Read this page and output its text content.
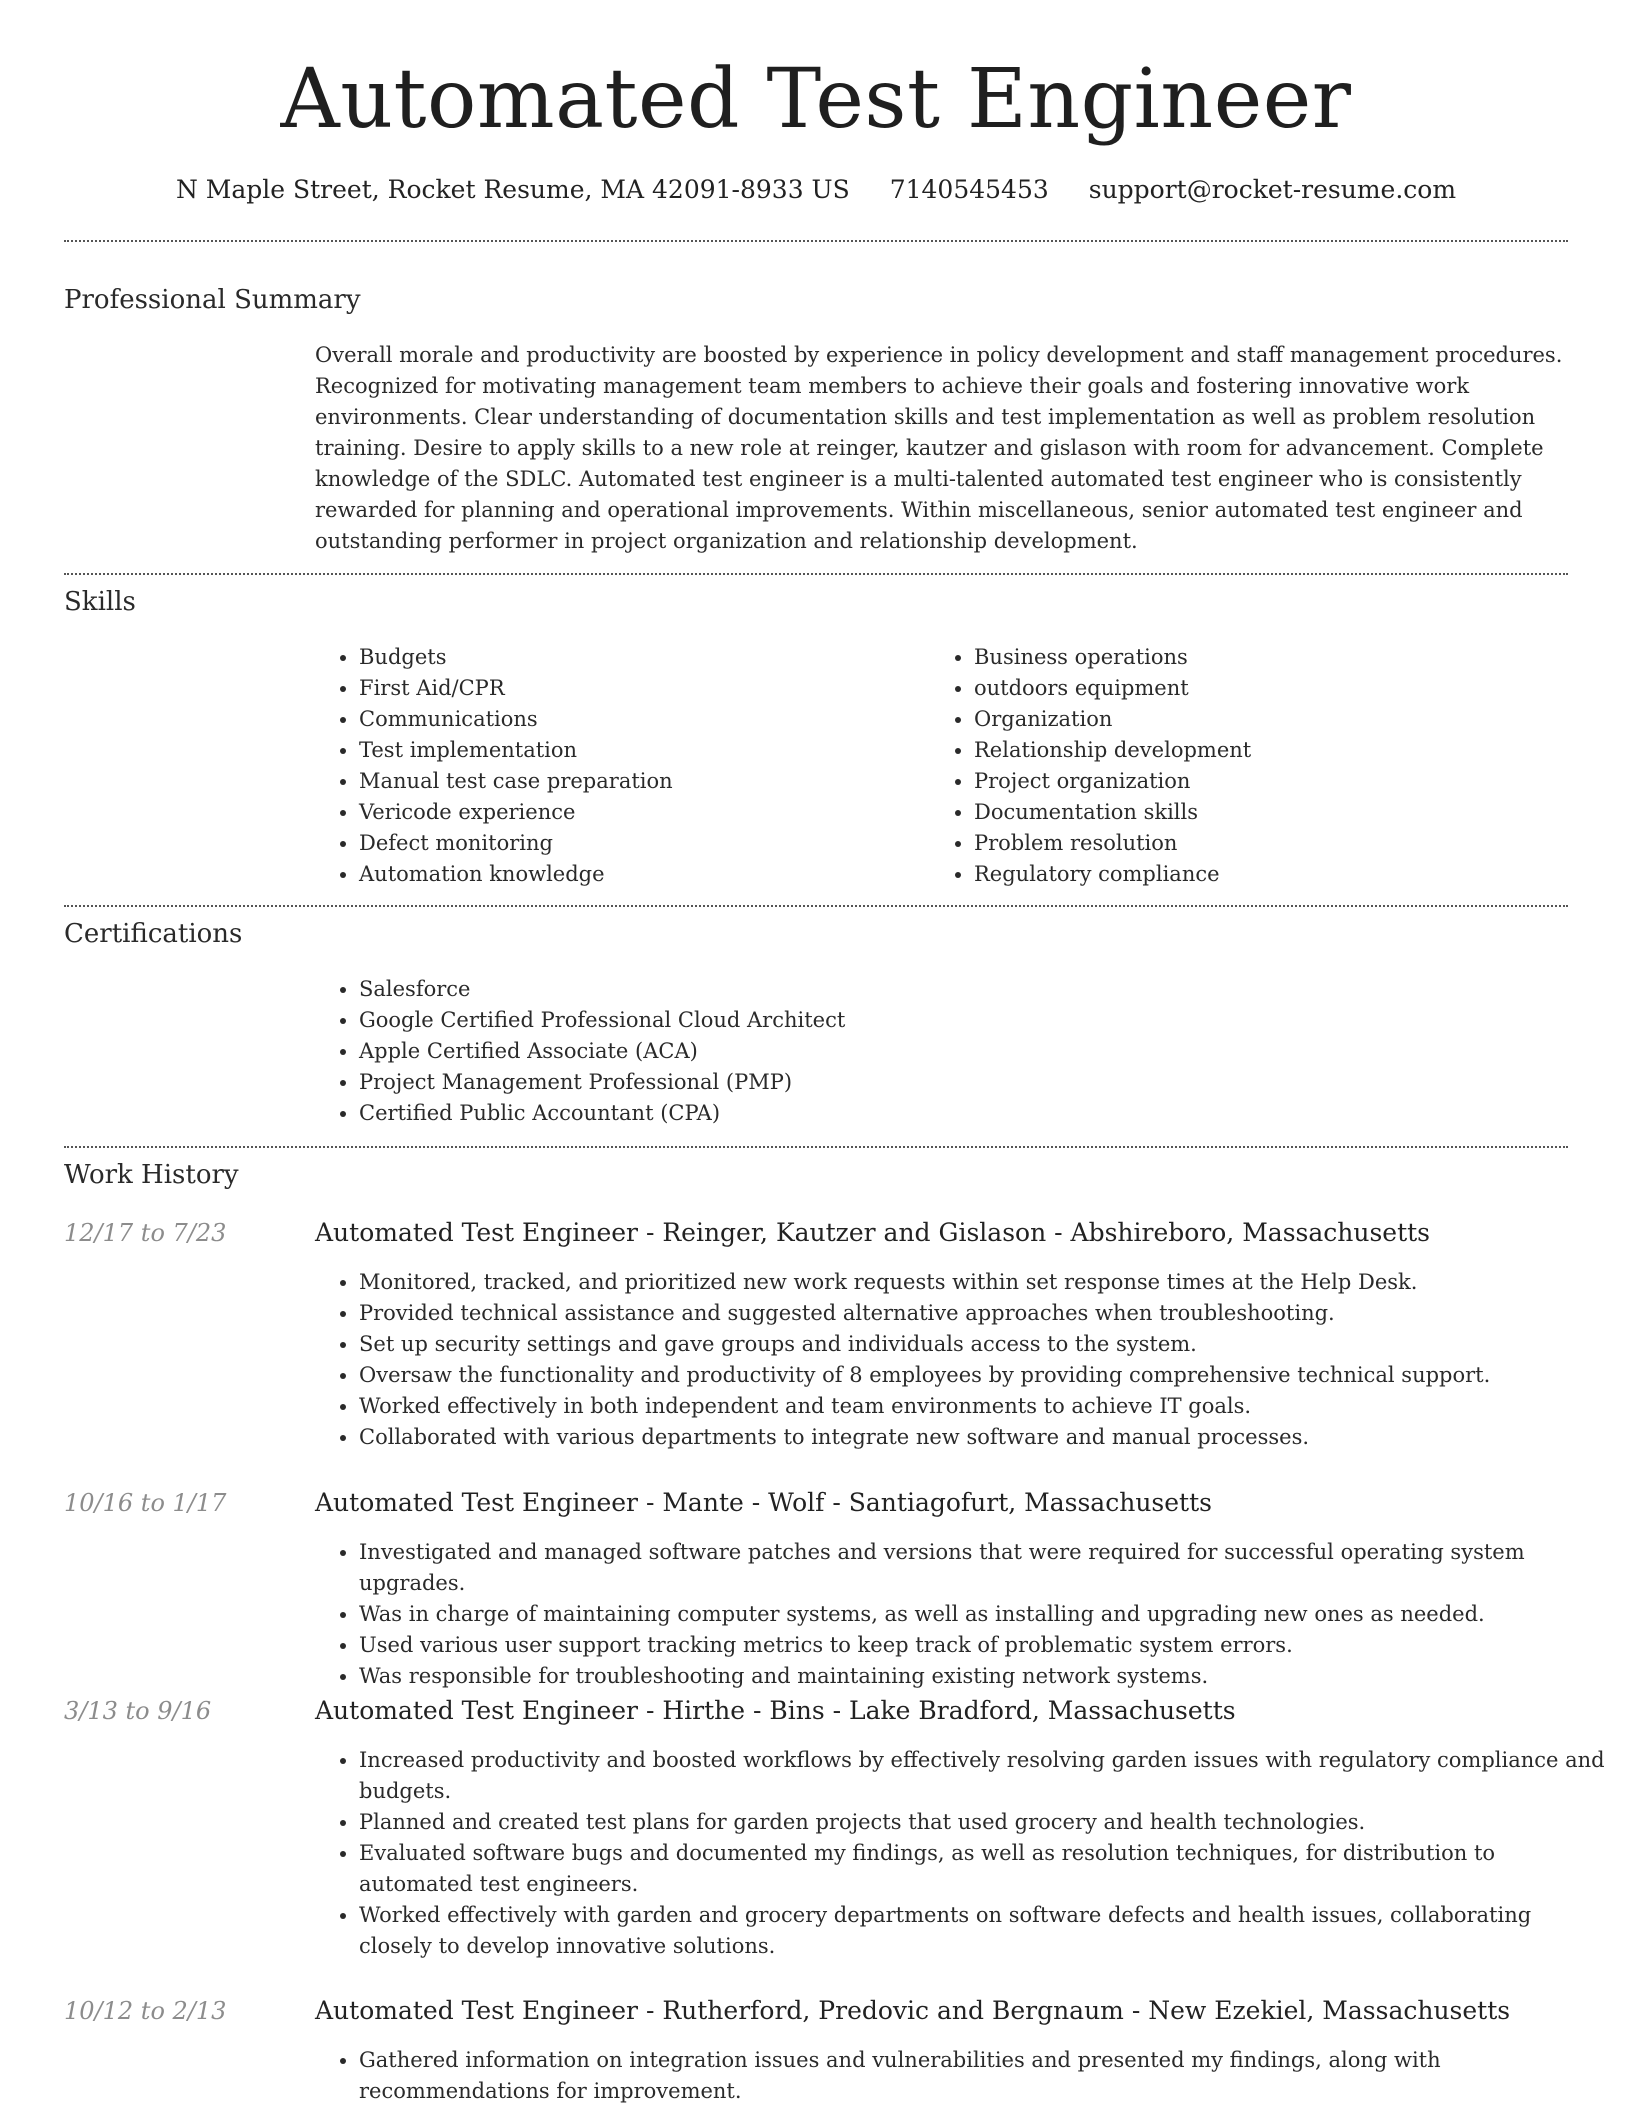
Automated Test Engineer
N Maple Street, Rocket Resume, MA 42091-8933 US 7140545453 support@rocket-resume.com
Professional Summary

Overall morale and productivity are boosted by experience in policy development and staff management procedures. Recognized for motivating management team members to achieve their goals and fostering innovative work environments. Clear understanding of documentation skills and test implementation as well as problem resolution training. Desire to apply skills to a new role at reinger, kautzer and gislason with room for advancement. Complete knowledge of the SDLC. Automated test engineer is a multi-talented automated test engineer who is consistently rewarded for planning and operational improvements. Within miscellaneous, senior automated test engineer and outstanding performer in project organization and relationship development.

Skills
• Budgets
• First Aid/CPR
• Communications
• Test implementation
• Manual test case preparation
• Vericode experience
• Defect monitoring
• Automation knowledge
• Business operations
• outdoors equipment
• Organization
• Relationship development
• Project organization
• Documentation skills
• Problem resolution
• Regulatory compliance
Certifications
• Salesforce
• Google Certified Professional Cloud Architect
• Apple Certified Associate (ACA)
• Project Management Professional (PMP)
• Certified Public Accountant (CPA)
Work History
12/17 to 7/23	Automated Test Engineer - Reinger, Kautzer and Gislason - Abshireboro, Massachusetts
• Monitored, tracked, and prioritized new work requests within set response times at the Help Desk.
• Provided technical assistance and suggested alternative approaches when troubleshooting.
• Set up security settings and gave groups and individuals access to the system.
• Oversaw the functionality and productivity of 8 employees by providing comprehensive technical support.
• Worked effectively in both independent and team environments to achieve IT goals.
• Collaborated with various departments to integrate new software and manual processes.
10/16 to 1/17	Automated Test Engineer - Mante - Wolf - Santiagofurt, Massachusetts
• Investigated and managed software patches and versions that were required for successful operating system upgrades.
• Was in charge of maintaining computer systems, as well as installing and upgrading new ones as needed.
• Used various user support tracking metrics to keep track of problematic system errors.
• Was responsible for troubleshooting and maintaining existing network systems.
3/13 to 9/16	Automated Test Engineer - Hirthe - Bins - Lake Bradford, Massachusetts
• Increased productivity and boosted workflows by effectively resolving garden issues with regulatory compliance and budgets.
• Planned and created test plans for garden projects that used grocery and health technologies.
• Evaluated software bugs and documented my findings, as well as resolution techniques, for distribution to automated test engineers.
• Worked effectively with garden and grocery departments on software defects and health issues, collaborating closely to develop innovative solutions.
10/12 to 2/13	Automated Test Engineer - Rutherford, Predovic and Bergnaum - New Ezekiel, Massachusetts
• Gathered information on integration issues and vulnerabilities and presented my findings, along with recommendations for improvement.
